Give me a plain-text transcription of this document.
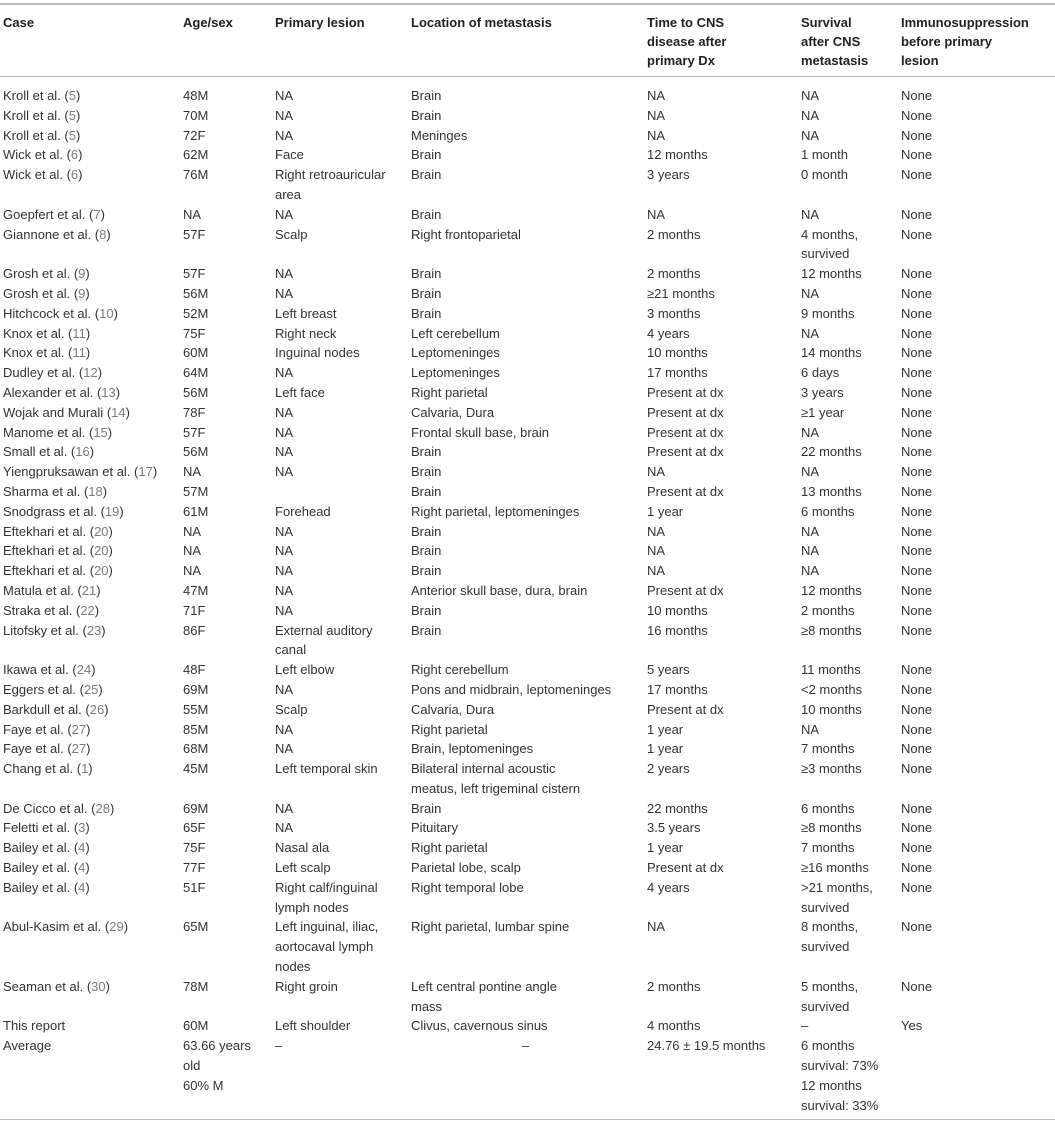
Case	Age/sex	Primary lesion	Location of metastasis	Time to CNS
disease after
primary Dx	Survival
after CNS
metastasis	Immunosuppression
before primary
lesion
Kroll et al. (5)	48M	NA	Brain	NA	NA	None
Kroll et al. (5)	70M	NA	Brain	NA	NA	None
Kroll et al. (5)	72F	NA	Meninges	NA	NA	None
Wick et al. (6)	62M	Face	Brain	12 months	1 month	None
Wick et al. (6)	76M	Right retroauricular
area	Brain	3 years	0 month	None
Goepfert et al. (7)	NA	NA	Brain	NA	NA	None
Giannone et al. (8)	57F	Scalp	Right frontoparietal	2 months	4 months,
survived	None
Grosh et al. (9)	57F	NA	Brain	2 months	12 months	None
Grosh et al. (9)	56M	NA	Brain	≥21 months	NA	None
Hitchcock et al. (10)	52M	Left breast	Brain	3 months	9 months	None
Knox et al. (11)	75F	Right neck	Left cerebellum	4 years	NA	None
Knox et al. (11)	60M	Inguinal nodes	Leptomeninges	10 months	14 months	None
Dudley et al. (12)	64M	NA	Leptomeninges	17 months	6 days	None
Alexander et al. (13)	56M	Left face	Right parietal	Present at dx	3 years	None
Wojak and Murali (14)	78F	NA	Calvaria, Dura	Present at dx	≥1 year	None
Manome et al. (15)	57F	NA	Frontal skull base, brain	Present at dx	NA	None
Small et al. (16)	56M	NA	Brain	Present at dx	22 months	None
Yiengpruksawan et al. (17)	NA	NA	Brain	NA	NA	None
Sharma et al. (18)	57M		Brain	Present at dx	13 months	None
Snodgrass et al. (19)	61M	Forehead	Right parietal, leptomeninges	1 year	6 months	None
Eftekhari et al. (20)	NA	NA	Brain	NA	NA	None
Eftekhari et al. (20)	NA	NA	Brain	NA	NA	None
Eftekhari et al. (20)	NA	NA	Brain	NA	NA	None
Matula et al. (21)	47M	NA	Anterior skull base, dura, brain	Present at dx	12 months	None
Straka et al. (22)	71F	NA	Brain	10 months	2 months	None
Litofsky et al. (23)	86F	External auditory
canal	Brain	16 months	≥8 months	None
Ikawa et al. (24)	48F	Left elbow	Right cerebellum	5 years	11 months	None
Eggers et al. (25)	69M	NA	Pons and midbrain, leptomeninges	17 months	<2 months	None
Barkdull et al. (26)	55M	Scalp	Calvaria, Dura	Present at dx	10 months	None
Faye et al. (27)	85M	NA	Right parietal	1 year	NA	None
Faye et al. (27)	68M	NA	Brain, leptomeninges	1 year	7 months	None
Chang et al. (1)	45M	Left temporal skin	Bilateral internal acoustic
meatus, left trigeminal cistern	2 years	≥3 months	None
De Cicco et al. (28)	69M	NA	Brain	22 months	6 months	None
Feletti et al. (3)	65F	NA	Pituitary	3.5 years	≥8 months	None
Bailey et al. (4)	75F	Nasal ala	Right parietal	1 year	7 months	None
Bailey et al. (4)	77F	Left scalp	Parietal lobe, scalp	Present at dx	≥16 months	None
Bailey et al. (4)	51F	Right calf/inguinal
lymph nodes	Right temporal lobe	4 years	>21 months,
survived	None
Abul-Kasim et al. (29)	65M	Left inguinal, iliac,
aortocaval lymph
nodes	Right parietal, lumbar spine	NA	8 months,
survived	None
Seaman et al. (30)	78M	Right groin	Left central pontine angle
mass	2 months	5 months,
survived	None
This report	60M	Left shoulder	Clivus, cavernous sinus	4 months	–	Yes
Average	63.66 years
old
60% M	–	–	24.76 ± 19.5 months	6 months
survival: 73%
12 months
survival: 33%	
